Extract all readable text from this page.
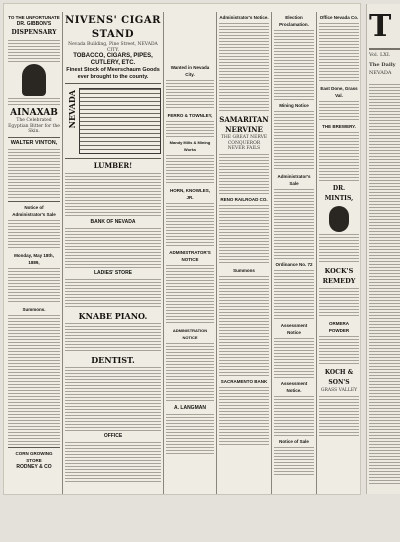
TO THE UNFORTUNATE
DR. GIBBON'S
DISPENSARY
AINAXAB
The Celebrated Egyptian Bitter for the Skin.
WALTER VINTON,
Notice of Administrator's Sale
Monday, May 18th, 1889,
Summons.
CORN GROWING STORE
RODNEY & CO
NIVENS' CIGAR STAND
Nevada Building, Pine Street, NEVADA CITY.
TOBACCO, CIGARS, PIPES, CUTLERY, ETC.
Finest Stock of Meerschaum Goods ever brought to the county.
NEVADA
LUMBER!
BANK OF NEVADA
LADIES' STORE
KNABE PIANO.
DENTIST.
OFFICE
Wanted in Nevada City.
FERRO & TOWNLEY,
Mandy Mills & Mining Works
HORN, KNOWLES, JR.
ADMINISTRATOR'S NOTICE
ADMINISTRATION NOTICE
A. LANGMAN
Administrator's Notice.
SAMARITAN
NERVINE
THE GREAT NERVE CONQUEROR
NEVER FAILS
RENO RAILROAD CO.
Summons
SACRAMENTO BANK
Election Proclamation.
Mining Notice
Administrator's Sale
Ordinance No. 72
Assessment Notice
Assessment Notice.
Notice of Sale
Office Nevada Co.
East Done, Grass Val.
THE BREWERY.
DR. MINTIS,
KOCK'S
REMEDY
ORMERA POWDER
KOCH & SON'S
GRASS VALLEY
T
Vol. LXI.
The Daily
NEVADA
